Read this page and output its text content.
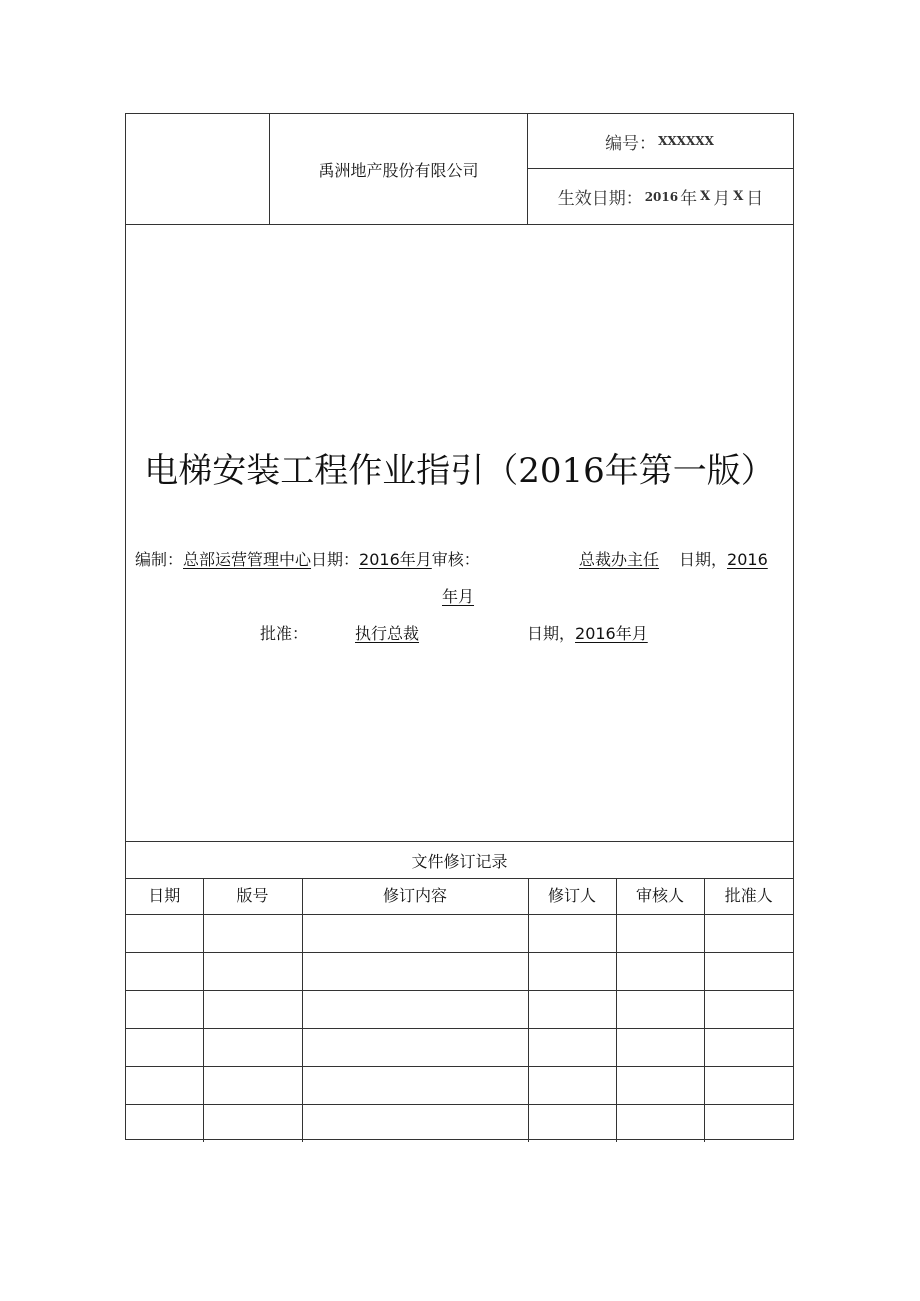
禹洲地产股份有限公司
编号： XXXXXX
生效日期： 2016 年 X 月 X 日
电梯安装工程作业指引（2016年第一版）
编制：总部运营管理中心日期：2016年月审核：	总裁办主任 日期，2016
年月
批准：	执行总裁	日期，2016年月
文件修订记录
日期	版号	修订内容	修订人	审核人	批准人
